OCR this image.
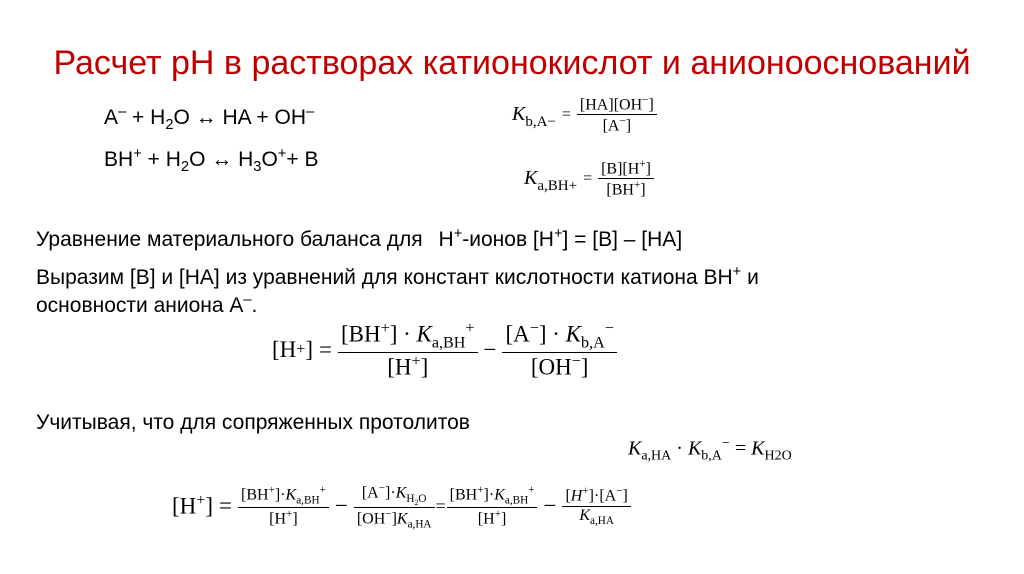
Расчет рН в растворах катионокислот и анионооснований
$A^- + H_2O$ ↔ HA + OH–
$BH^+ + H_2O$ ↔ $H_3O^++ B$
$K_{b,A-} = \frac{[HA][OH^-]}{[A^-]}$
$K_{a,BH+} = \frac{[B][H^+]}{[BH^+]}$
Уравнение материального баланса для H+-ионов [H+] = [B] – [HA]
Выразим [B] и [HA] из уравнений для констант кислотности катиона BH+ и
основности аниона A–.
[H + ] = $\frac{[BH^+] \cdot K_{a,BH}^+}{[H^+]} - \frac{[A^-] \cdot K_{b,A}^-}{[OH^-]}$
Учитывая, что для сопряженных протолитов
$K_{a,HA} \cdot K_{b,A}^- = K_{H2O}$
$[H^+] = \frac{[BH^+]\cdot K_{a,BH}^+}{[H^+]} - \frac{[A^-]\cdot K_{H_2O}}{[OH^-]K_{a,HA}} = \frac{[BH^+]\cdot K_{a,BH}^+}{[H^+]} - \frac{[H^+]\cdot[A^-]}{K_{a,HA}}$
